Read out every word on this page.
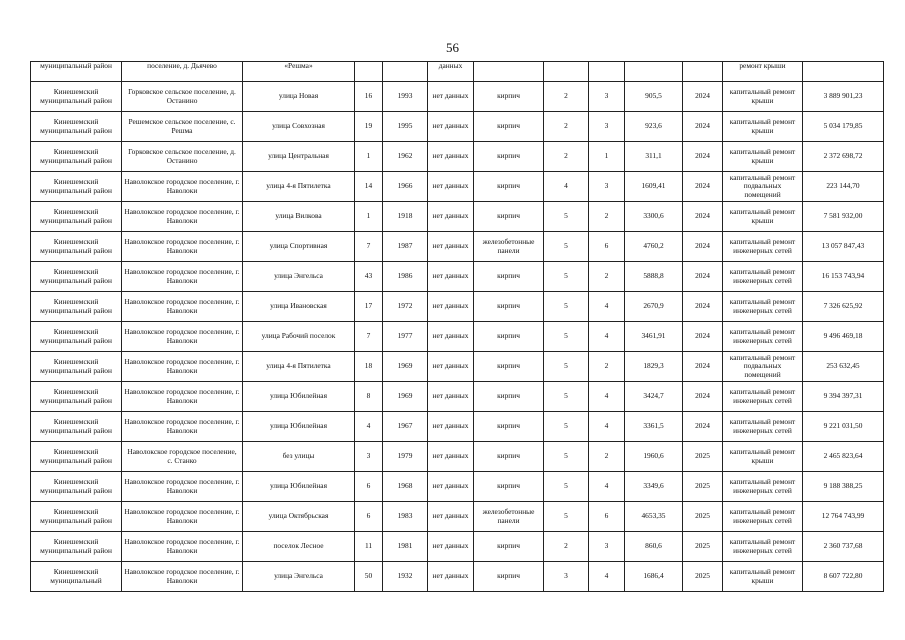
56
муниципальный район	поселение, д. Дьячево	«Решма»			данных						ремонт крыши	
Кинешемский муниципальный район	Горковское сельское поселение, д. Останино	улица Новая	16	1993	нет данных	кирпич	2	3	905,5	2024	капитальный ремонт крыши	3 889 901,23
Кинешемский муниципальный район	Решемское сельское поселение, с. Решма	улица Совхозная	19	1995	нет данных	кирпич	2	3	923,6	2024	капитальный ремонт крыши	5 034 179,85
Кинешемский муниципальный район	Горковское сельское поселение, д. Останино	улица Центральная	1	1962	нет данных	кирпич	2	1	311,1	2024	капитальный ремонт крыши	2 372 698,72
Кинешемский муниципальный район	Наволокское городское поселение, г. Наволоки	улица 4-я Пятилетка	14	1966	нет данных	кирпич	4	3	1609,41	2024	капитальный ремонт подвальных помещений	223 144,70
Кинешемский муниципальный район	Наволокское городское поселение, г. Наволоки	улица Вилкова	1	1918	нет данных	кирпич	5	2	3300,6	2024	капитальный ремонт крыши	7 581 932,00
Кинешемский муниципальный район	Наволокское городское поселение, г. Наволоки	улица Спортивная	7	1987	нет данных	железобетонные панели	5	6	4760,2	2024	капитальный ремонт инженерных сетей	13 057 847,43
Кинешемский муниципальный район	Наволокское городское поселение, г. Наволоки	улица Энгельса	43	1986	нет данных	кирпич	5	2	5888,8	2024	капитальный ремонт инженерных сетей	16 153 743,94
Кинешемский муниципальный район	Наволокское городское поселение, г. Наволоки	улица Ивановская	17	1972	нет данных	кирпич	5	4	2670,9	2024	капитальный ремонт инженерных сетей	7 326 625,92
Кинешемский муниципальный район	Наволокское городское поселение, г. Наволоки	улица Рабочий поселок	7	1977	нет данных	кирпич	5	4	3461,91	2024	капитальный ремонт инженерных сетей	9 496 469,18
Кинешемский муниципальный район	Наволокское городское поселение, г. Наволоки	улица 4-я Пятилетка	18	1969	нет данных	кирпич	5	2	1829,3	2024	капитальный ремонт подвальных помещений	253 632,45
Кинешемский муниципальный район	Наволокское городское поселение, г. Наволоки	улица Юбилейная	8	1969	нет данных	кирпич	5	4	3424,7	2024	капитальный ремонт инженерных сетей	9 394 397,31
Кинешемский муниципальный район	Наволокское городское поселение, г. Наволоки	улица Юбилейная	4	1967	нет данных	кирпич	5	4	3361,5	2024	капитальный ремонт инженерных сетей	9 221 031,50
Кинешемский муниципальный район	Наволокское городское поселение, с. Станко	без улицы	3	1979	нет данных	кирпич	5	2	1960,6	2025	капитальный ремонт крыши	2 465 823,64
Кинешемский муниципальный район	Наволокское городское поселение, г. Наволоки	улица Юбилейная	6	1968	нет данных	кирпич	5	4	3349,6	2025	капитальный ремонт инженерных сетей	9 188 388,25
Кинешемский муниципальный район	Наволокское городское поселение, г. Наволоки	улица Октябрьская	6	1983	нет данных	железобетонные панели	5	6	4653,35	2025	капитальный ремонт инженерных сетей	12 764 743,99
Кинешемский муниципальный район	Наволокское городское поселение, г. Наволоки	поселок Лесное	11	1981	нет данных	кирпич	2	3	860,6	2025	капитальный ремонт инженерных сетей	2 360 737,68
Кинешемский муниципальный	Наволокское городское поселение, г. Наволоки	улица Энгельса	50	1932	нет данных	кирпич	3	4	1686,4	2025	капитальный ремонт крыши	8 607 722,80
